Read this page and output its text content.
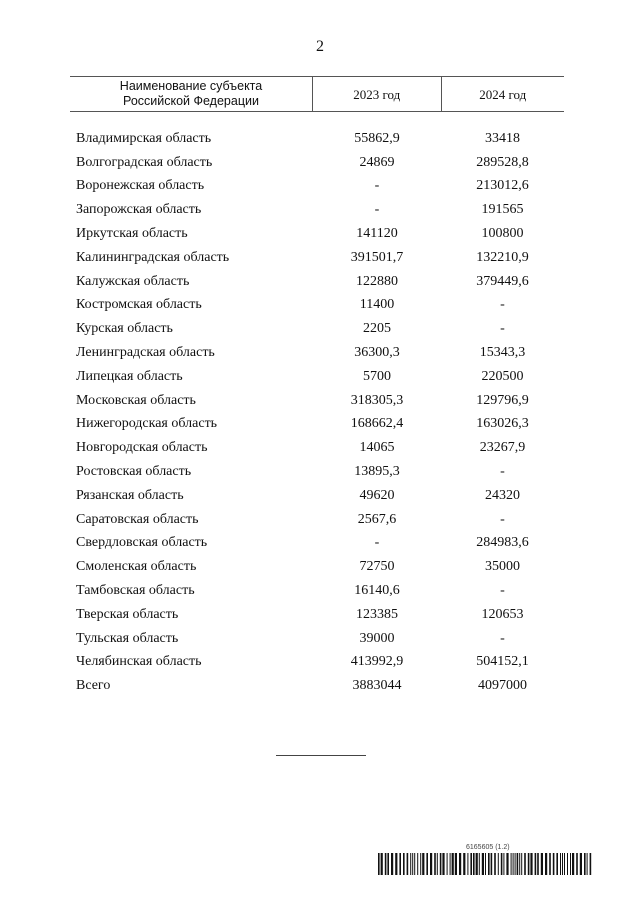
2
Наименование субъекта
Российской Федерации	2023 год	2024 год
Владимирская область	55862,9	33418
Волгоградская область	24869	289528,8
Воронежская область	-	213012,6
Запорожская область	-	191565
Иркутская область	141120	100800
Калининградская область	391501,7	132210,9
Калужская область	122880	379449,6
Костромская область	11400	-
Курская область	2205	-
Ленинградская область	36300,3	15343,3
Липецкая область	5700	220500
Московская область	318305,3	129796,9
Нижегородская область	168662,4	163026,3
Новгородская область	14065	23267,9
Ростовская область	13895,3	-
Рязанская область	49620	24320
Саратовская область	2567,6	-
Свердловская область	-	284983,6
Смоленская область	72750	35000
Тамбовская область	16140,6	-
Тверская область	123385	120653
Тульская область	39000	-
Челябинская область	413992,9	504152,1
Всего	3883044	4097000
6165605 (1.2)
